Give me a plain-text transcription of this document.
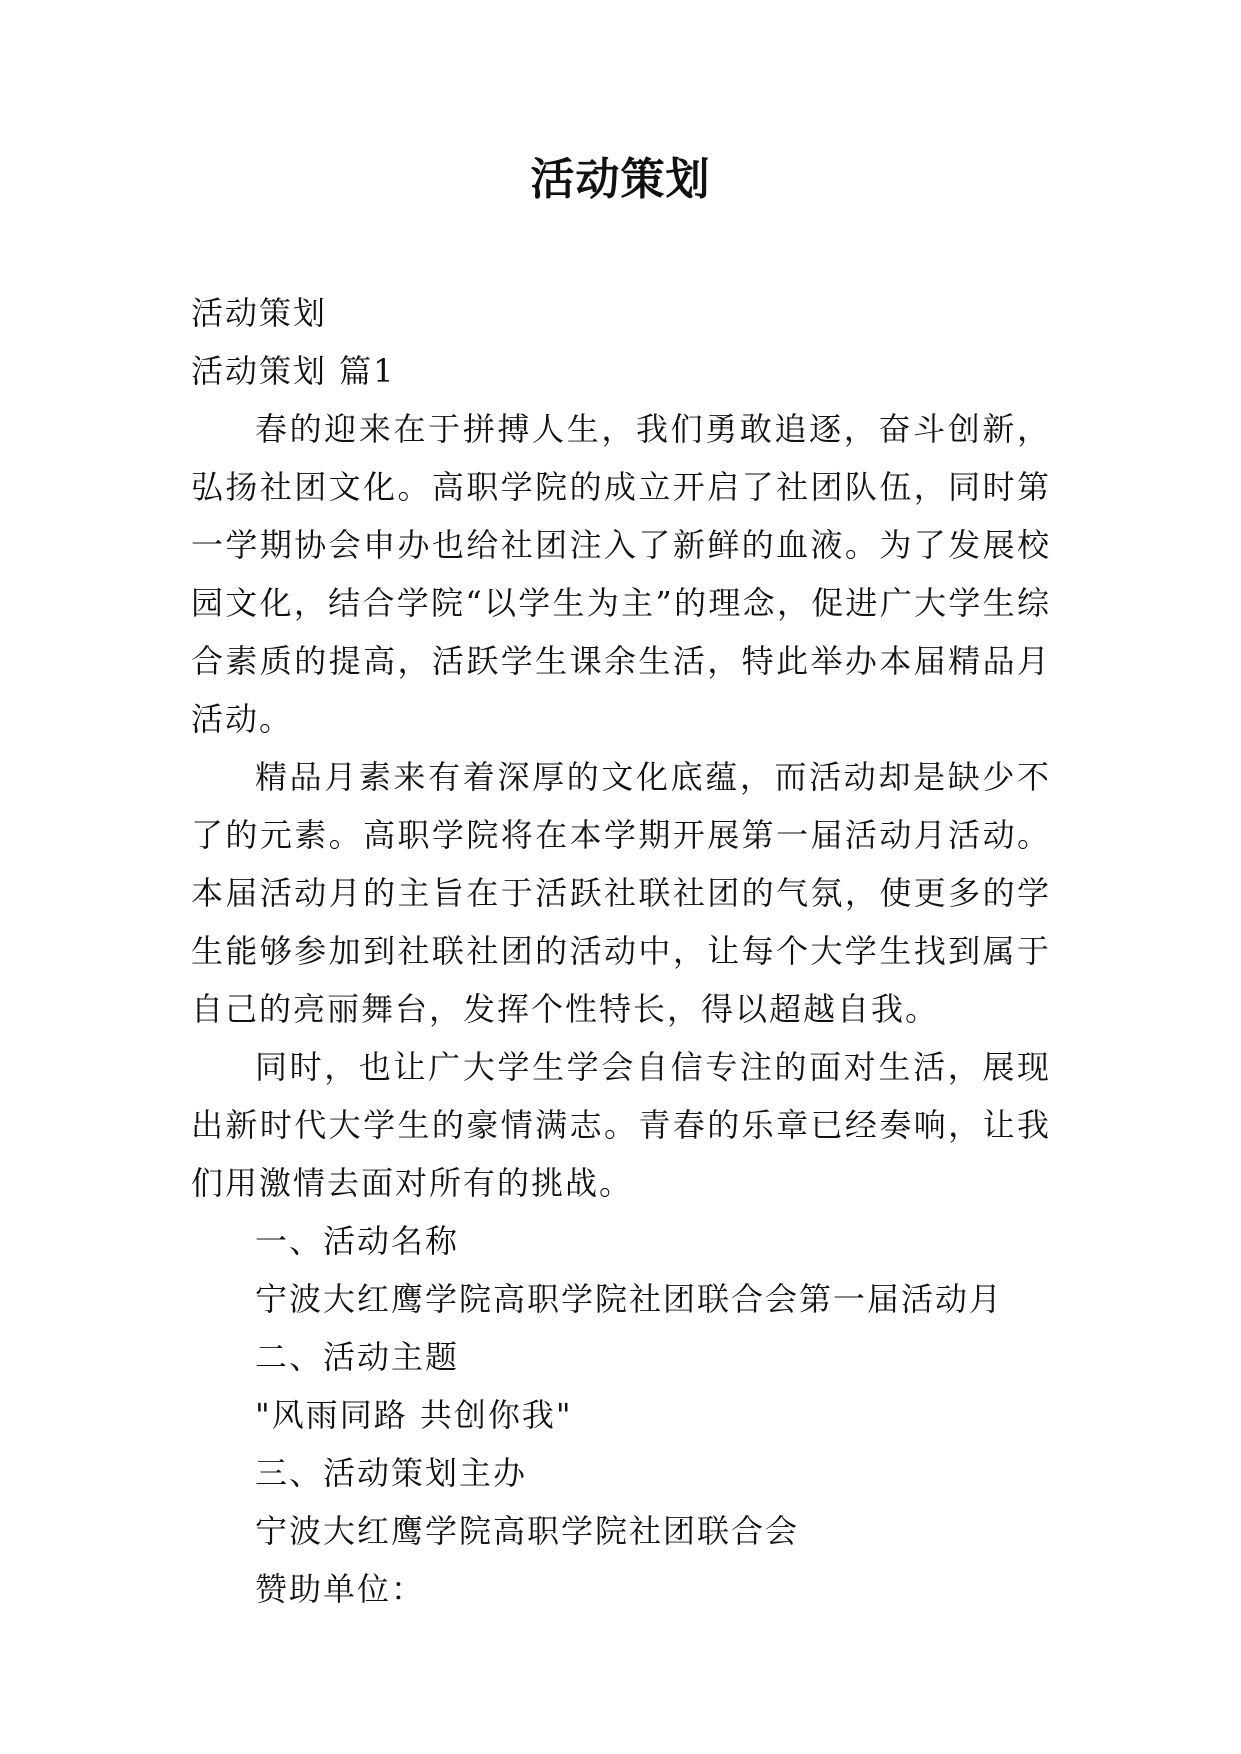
活动策划

活动策划

活动策划 篇1

春的迎来在于拼搏人生，我们勇敢追逐，奋斗创新，弘扬社团文化。高职学院的成立开启了社团队伍，同时第一学期协会申办也给社团注入了新鲜的血液。为了发展校园文化，结合学院“以学生为主”的理念，促进广大学生综合素质的提高，活跃学生课余生活，特此举办本届精品月活动。

精品月素来有着深厚的文化底蕴，而活动却是缺少不了的元素。高职学院将在本学期开展第一届活动月活动。本届活动月的主旨在于活跃社联社团的气氛，使更多的学生能够参加到社联社团的活动中，让每个大学生找到属于自己的亮丽舞台，发挥个性特长，得以超越自我。

同时，也让广大学生学会自信专注的面对生活，展现出新时代大学生的豪情满志。青春的乐章已经奏响，让我们用激情去面对所有的挑战。

一、活动名称

宁波大红鹰学院高职学院社团联合会第一届活动月

二、活动主题

"风雨同路 共创你我"

三、活动策划主办

宁波大红鹰学院高职学院社团联合会

赞助单位：
